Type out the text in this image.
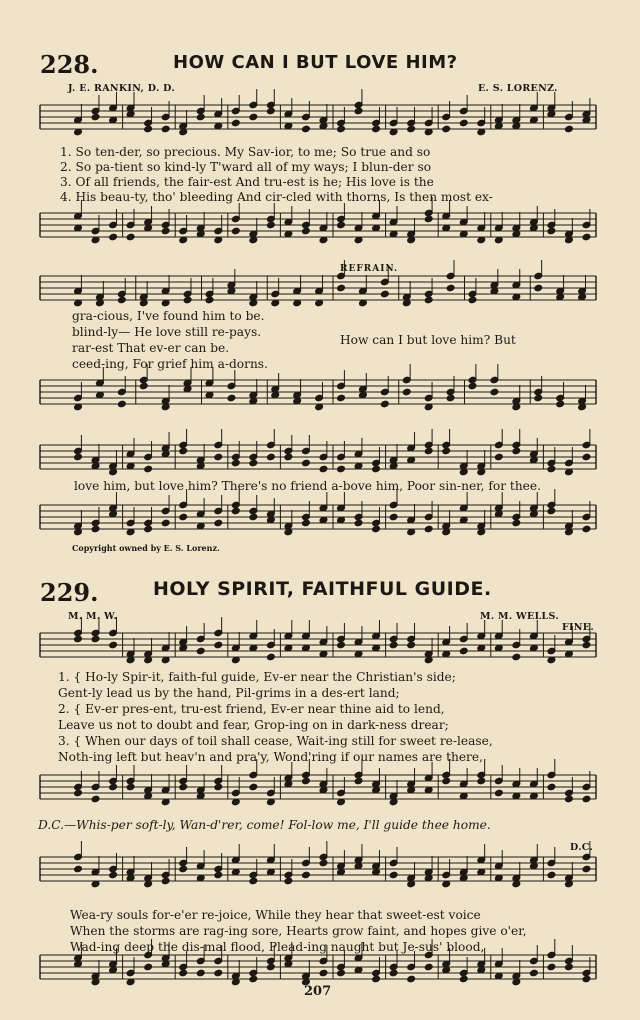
228.	HOW CAN I BUT LOVE HIM?
J. E. RANKIN, D. D.	E. S. LORENZ.
1. So ten-der, so precious. My Sav-ior, to me; So true and so
2. So pa-tient so kind-ly T'ward all of my ways; I blun-der so
3. Of all friends, the fair-est And tru-est is he; His love is the
4. His beau-ty, tho' bleeding And cir-cled with thorns, Is then most ex-
REFRAIN.
gra-cious, I've found him to be.
blind-ly— He love still re-pays.
rar-est That ev-er can be.
ceed-ing, For grief him a-dorns.
How can I but love him? But
love him, but love him? There's no friend a-bove him, Poor sin-ner, for thee.
Copyright owned by E. S. Lorenz.
229.	HOLY SPIRIT, FAITHFUL GUIDE.
M. M. W.	M. M. WELLS.
FINE.
1. { Ho-ly Spir-it, faith-ful guide, Ev-er near the Christian's side;
Gent-ly lead us by the hand, Pil-grims in a des-ert land;
2. { Ev-er pres-ent, tru-est friend, Ev-er near thine aid to lend,
Leave us not to doubt and fear, Grop-ing on in dark-ness drear;
3. { When our days of toil shall cease, Wait-ing still for sweet re-lease,
Noth-ing left but heav'n and pra'y, Wond'ring if our names are there,
D.C.—Whis-per soft-ly, Wan-d'rer, come! Fol-low me, I'll guide thee home.
D.C.
Wea-ry souls for-e'er re-joice, While they hear that sweet-est voice
When the storms are rag-ing sore, Hearts grow faint, and hopes give o'er,
Wad-ing deep the dis-mal flood, Plead-ing naught but Je-sus' blood,
207
